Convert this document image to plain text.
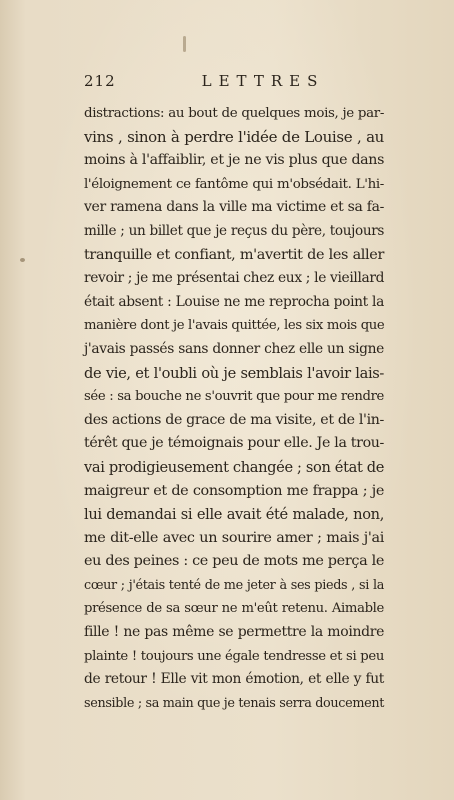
212	LETTRES
distractions: au bout de quelques mois, je par-
vins , sinon à perdre l'idée de Louise , au
moins à l'affaiblir, et je ne vis plus que dans
l'éloignement ce fantôme qui m'obsédait. L'hi-
ver ramena dans la ville ma victime et sa fa-
mille ; un billet que je reçus du père, toujours
tranquille et confiant, m'avertit de les aller
revoir ; je me présentai chez eux ; le vieillard
était absent : Louise ne me reprocha point la
manière dont je l'avais quittée, les six mois que
j'avais passés sans donner chez elle un signe
de vie, et l'oubli où je semblais l'avoir lais-
sée : sa bouche ne s'ouvrit que pour me rendre
des actions de grace de ma visite, et de l'in-
térêt que je témoignais pour elle. Je la trou-
vai prodigieusement changée ; son état de
maigreur et de consomption me frappa ; je
lui demandai si elle avait été malade, non,
me dit-elle avec un sourire amer ; mais j'ai
eu des peines : ce peu de mots me perça le
cœur ; j'étais tenté de me jeter à ses pieds , si la
présence de sa sœur ne m'eût retenu. Aimable
fille ! ne pas même se permettre la moindre
plainte ! toujours une égale tendresse et si peu
de retour ! Elle vit mon émotion, et elle y fut
sensible ; sa main que je tenais serra doucement
